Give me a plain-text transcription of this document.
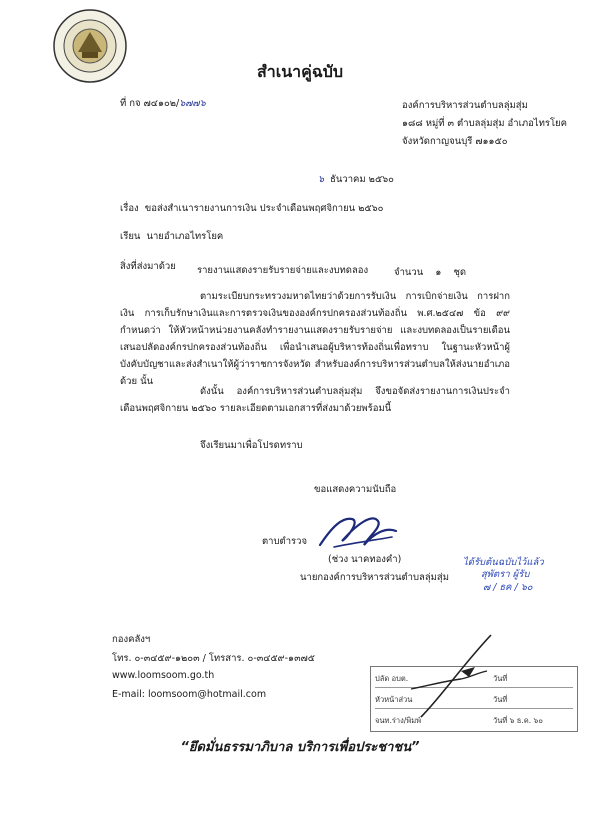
สำเนาคู่ฉบับ
ที่ กจ ๗๔๑๐๒/๖๗๗๖	องค์การบริหารส่วนตำบลลุ่มสุ่ม
๑๘๘ หมู่ที่ ๓ ตำบลลุ่มสุ่ม อำเภอไทรโยค
จังหวัดกาญจนบุรี ๗๑๑๕๐
๖ ธันวาคม ๒๕๖๐
เรื่อง ขอส่งสำเนารายงานการเงิน ประจำเดือนพฤศจิกายน ๒๕๖๐
เรียน นายอำเภอไทรโยค
สิ่งที่ส่งมาด้วย รายงานแสดงรายรับรายจ่ายและงบทดลอง	จำนวน ๑ ชุด
ตามระเบียบกระทรวงมหาดไทยว่าด้วยการรับเงิน การเบิกจ่ายเงิน การฝากเงิน การเก็บรักษาเงินและการตรวจเงินขององค์กรปกครองส่วนท้องถิ่น พ.ศ.๒๕๔๗ ข้อ ๙๙ กำหนดว่า ให้หัวหน้าหน่วยงานคลังทำรายงานแสดงรายรับรายจ่าย และงบทดลองเป็นรายเดือนเสนอปลัดองค์กรปกครองส่วนท้องถิ่น เพื่อนำเสนอผู้บริหารท้องถิ่นเพื่อทราบ ในฐานะหัวหน้าผู้บังคับบัญชาและส่งสำเนาให้ผู้ว่าราชการจังหวัด สำหรับองค์การบริหารส่วนตำบลให้ส่งนายอำเภอด้วย นั้น
ดังนั้น องค์การบริหารส่วนตำบลลุ่มสุ่ม จึงขอจัดส่งรายงานการเงินประจำเดือนพฤศจิกายน ๒๕๖๐ รายละเอียดตามเอกสารที่ส่งมาด้วยพร้อมนี้
จึงเรียนมาเพื่อโปรดทราบ
ขอแสดงความนับถือ
ตาบตำรวจ
(ช่วง นาคทองคำ)
นายกองค์การบริหารส่วนตำบลลุ่มสุ่ม
ได้รับต้นฉบับไว้แล้ว
สุพัตรา ผู้รับ
๗ / ธค / ๖๐
ปลัด อบต.	วันที่
หัวหน้าส่วน	วันที่
จนท.ร่าง/พิมพ์	วันที่ ๖ ธ.ค. ๖๐
กองคลังฯ
โทร. ๐-๓๔๕๙-๑๒๐๓ / โทรสาร. ๐-๓๔๕๙-๑๓๗๕
www.loomsoom.go.th
E-mail: loomsoom@hotmail.com
“ยึดมั่นธรรมาภิบาล บริการเพื่อประชาชน”
